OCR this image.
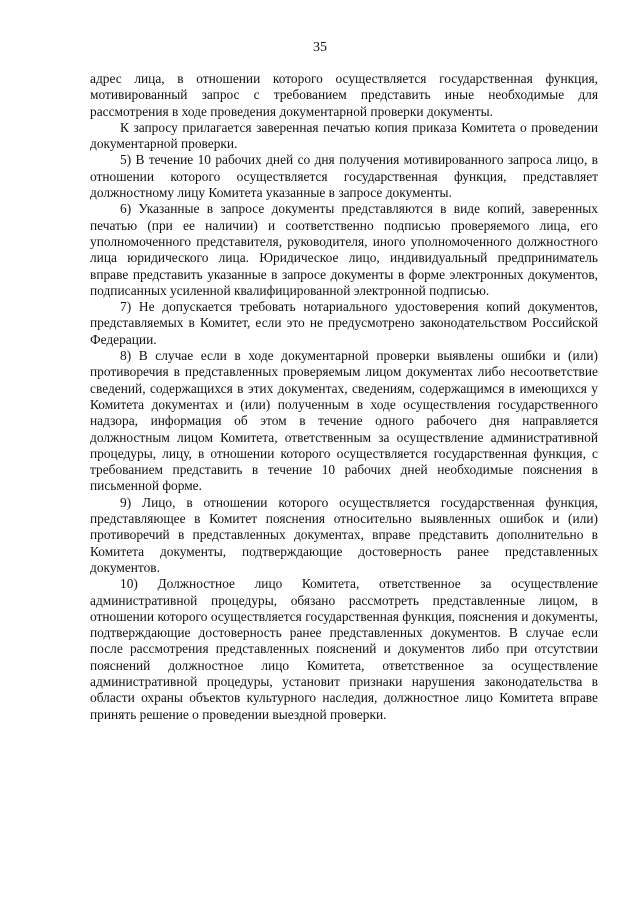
35

адрес лица, в отношении которого осуществляется государственная функция, мотивированный запрос с требованием представить иные необходимые для рассмотрения в ходе проведения документарной проверки документы.

К запросу прилагается заверенная печатью копия приказа Комитета о проведении документарной проверки.

5) В течение 10 рабочих дней со дня получения мотивированного запроса лицо, в отношении которого осуществляется государственная функция, представляет должностному лицу Комитета указанные в запросе документы.

6) Указанные в запросе документы представляются в виде копий, заверенных печатью (при ее наличии) и соответственно подписью проверяемого лица, его уполномоченного представителя, руководителя, иного уполномоченного должностного лица юридического лица. Юридическое лицо, индивидуальный предприниматель вправе представить указанные в запросе документы в форме электронных документов, подписанных усиленной квалифицированной электронной подписью.

7) Не допускается требовать нотариального удостоверения копий документов, представляемых в Комитет, если это не предусмотрено законодательством Российской Федерации.

8) В случае если в ходе документарной проверки выявлены ошибки и (или) противоречия в представленных проверяемым лицом документах либо несоответствие сведений, содержащихся в этих документах, сведениям, содержащимся в имеющихся у Комитета документах и (или) полученным в ходе осуществления государственного надзора, информация об этом в течение одного рабочего дня направляется должностным лицом Комитета, ответственным за осуществление административной процедуры, лицу, в отношении которого осуществляется государственная функция, с требованием представить в течение 10 рабочих дней необходимые пояснения в письменной форме.

9) Лицо, в отношении которого осуществляется государственная функция, представляющее в Комитет пояснения относительно выявленных ошибок и (или) противоречий в представленных документах, вправе представить дополнительно в Комитета документы, подтверждающие достоверность ранее представленных документов.

10) Должностное лицо Комитета, ответственное за осуществление административной процедуры, обязано рассмотреть представленные лицом, в отношении которого осуществляется государственная функция, пояснения и документы, подтверждающие достоверность ранее представленных документов. В случае если после рассмотрения представленных пояснений и документов либо при отсутствии пояснений должностное лицо Комитета, ответственное за осуществление административной процедуры, установит признаки нарушения законодательства в области охраны объектов культурного наследия, должностное лицо Комитета вправе принять решение о проведении выездной проверки.
